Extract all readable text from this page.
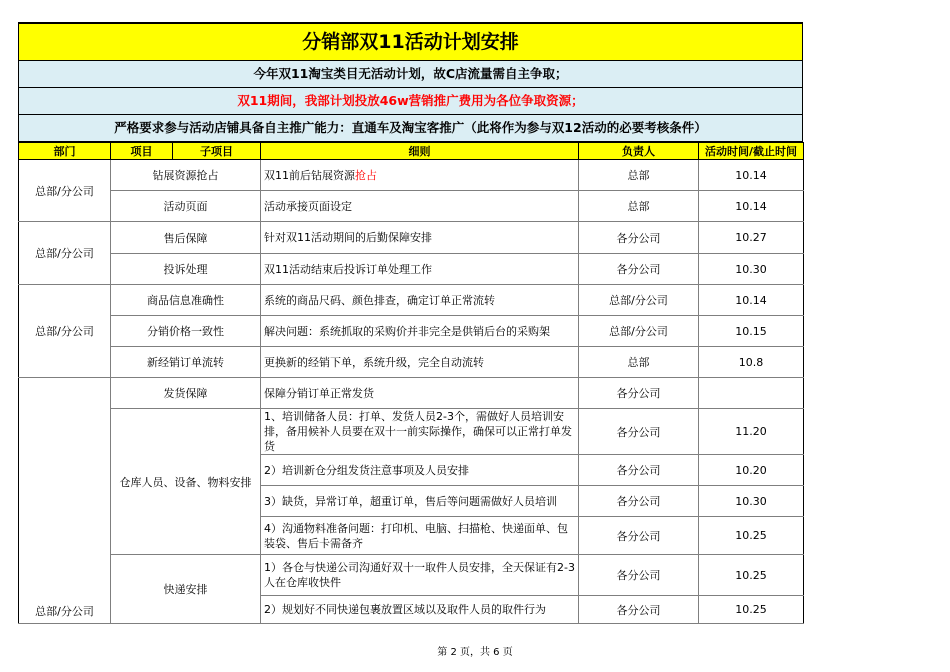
分销部双11活动计划安排
今年双11淘宝类目无活动计划，故C店流量需自主争取；
双11期间，我部计划投放46w营销推广费用为各位争取资源；
严格要求参与活动店铺具备自主推广能力：直通车及淘宝客推广（此将作为参与双12活动的必要考核条件）
部门	项目	子项目	细则	负责人	活动时间/截止时间
总部/分公司	钻展资源抢占		双11前后钻展资源抢占	总部	10.14
	活动页面		活动承接页面设定	总部	10.14
总部/分公司	售后保障		针对双11活动期间的后勤保障安排	各分公司	10.27
	投诉处理		双11活动结束后投诉订单处理工作	各分公司	10.30
总部/分公司	商品信息准确性		系统的商品尺码、颜色排查，确定订单正常流转	总部/分公司	10.14
	分销价格一致性		解决问题：系统抓取的采购价并非完全是供销后台的采购架	总部/分公司	10.15
	新经销订单流转		更换新的经销下单，系统升级，完全自动流转	总部	10.8
总部/分公司	发货保障		保障分销订单正常发货	各分公司	
	仓库人员、设备、物料安排		1、培训储备人员：打单、发货人员2-3个，需做好人员培训安排，备用候补人员要在双十一前实际操作，确保可以正常打单发货	各分公司	11.20
			2）培训新仓分组发货注意事项及人员安排	各分公司	10.20
			3）缺货，异常订单，超重订单，售后等问题需做好人员培训	各分公司	10.30
			4）沟通物料准备问题：打印机、电脑、扫描枪、快递面单、包装袋、售后卡需备齐	各分公司	10.25
	快递安排		1）各仓与快递公司沟通好双十一取件人员安排，全天保证有2-3人在仓库收快件	各分公司	10.25
			2）规划好不同快递包裹放置区域以及取件人员的取件行为	各分公司	10.25
第 2 页，共 6 页
